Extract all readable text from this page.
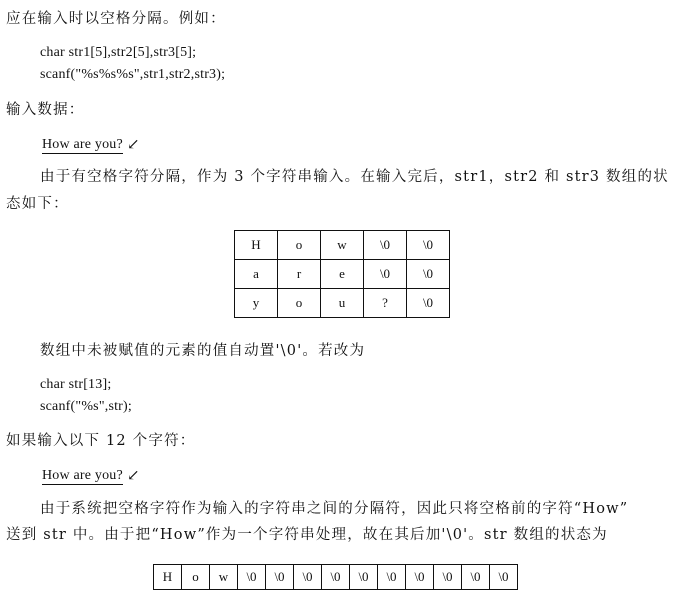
应在输入时以空格分隔。例如：
char str1[5],str2[5],str3[5];
scanf("%s%s%s",str1,str2,str3);
输入数据：
How are you? ↙
由于有空格字符分隔，作为 3 个字符串输入。在输入完后，str1，str2 和 str3 数组的状
态如下：
H	o	w	\0	\0
a	r	e	\0	\0
y	o	u	?	\0
数组中未被赋值的元素的值自动置'\0'。若改为
char str[13];
scanf("%s",str);
如果输入以下 12 个字符：
How are you? ↙
由于系统把空格字符作为输入的字符串之间的分隔符，因此只将空格前的字符“How”
送到 str 中。由于把“How”作为一个字符串处理，故在其后加'\0'。str 数组的状态为
H	o	w	\0	\0	\0	\0	\0	\0	\0	\0	\0	\0
